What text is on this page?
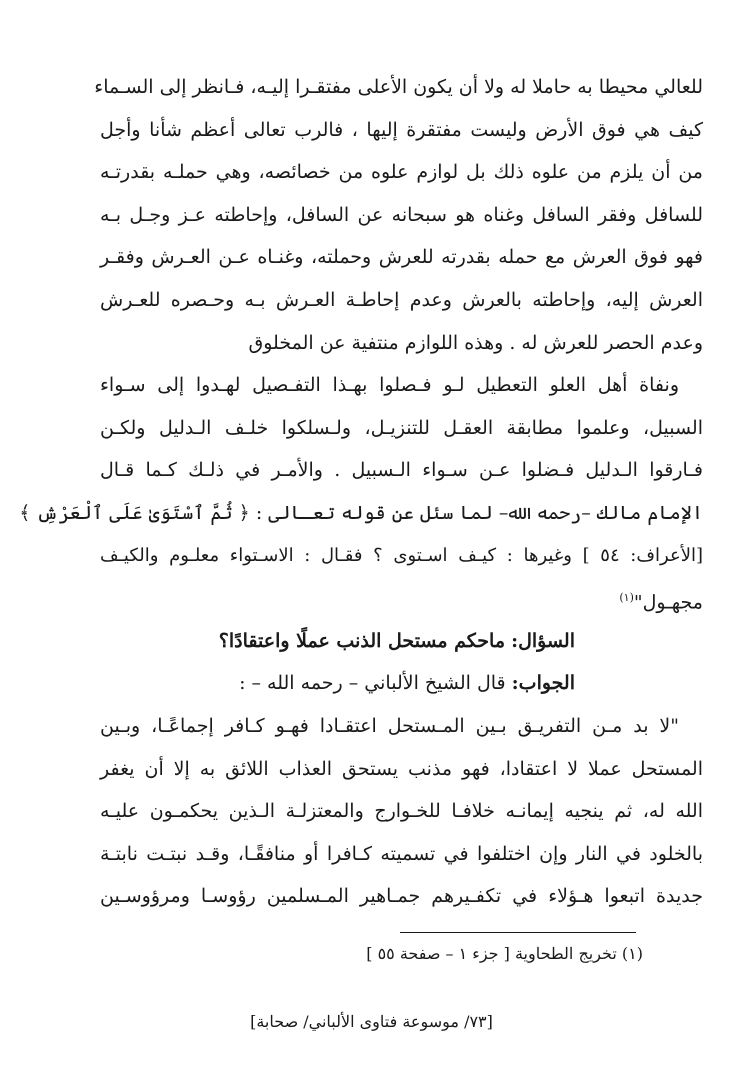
للعالي محيطا به حاملا له ولا أن يكون الأعلى مفتقـرا إليـه، فـانظر إلى السـماء
كيف هي فوق الأرض وليست مفتقرة إليها ، فالرب تعالى أعظم شأنا وأجل
من أن يلزم من علوه ذلك بل لوازم علوه من خصائصه، وهي حملـه بقدرتـه
للسافل وفقر السافل وغناه هو سبحانه عن السافل، وإحاطته عـز وجـل بـه
فهو فوق العرش مع حمله بقدرته للعرش وحملته، وغنـاه عـن العـرش وفقـر
العرش إليه، وإحاطته بالعرش وعدم إحاطـة العـرش بـه وحـصره للعـرش
وعدم الحصر للعرش له . وهذه اللوازم منتفية عن المخلوق
ونفاة أهل العلو التعطيل لـو فـصلوا بهـذا التفـصيل لهـدوا إلى سـواء
السبيل، وعلموا مطابقة العقـل للتنزيـل، ولـسلكوا خلـف الـدليل ولكـن
فـارقوا الـدليل فـضلوا عـن سـواء الـسبيل . والأمـر في ذلـك كـما قـال
الإمام مالك –رحمه الله– لما سئل عن قوله تعـالى : ﴿ ثُمَّ ٱسْتَوَىٰ عَلَى ٱلْعَرْشِ ﴾
[الأعراف: ٥٤ ] وغيرها : كيـف اسـتوى ؟ فقـال : الاسـتواء معلـوم والكيـف
مجهـول"$^{(١)}$
السؤال: ماحكم مستحل الذنب عملًا واعتقادًا؟
الجواب: قال الشيخ الألباني – رحمه الله – :
"لا بد مـن التفريـق بـين المـستحل اعتقـادا فهـو كـافر إجماعًـا، وبـين
المستحل عملا لا اعتقادا، فهو مذنب يستحق العذاب اللائق به إلا أن يغفر
الله له، ثم ينجيه إيمانـه خلافـا للخـوارج والمعتزلـة الـذين يحكمـون عليـه
بالخلود في النار وإن اختلفوا في تسميته كـافرا أو منافقًـا، وقـد نبتـت نابتـة
جديدة اتبعوا هـؤلاء في تكفـيرهم جمـاهير المـسلمين رؤوسـا ومرؤوسـين
(١) تخريج الطحاوية [ جزء ١ – صفحة ٥٥ ]
[٧٣/ موسوعة فتاوى الألباني/ صحابة]
